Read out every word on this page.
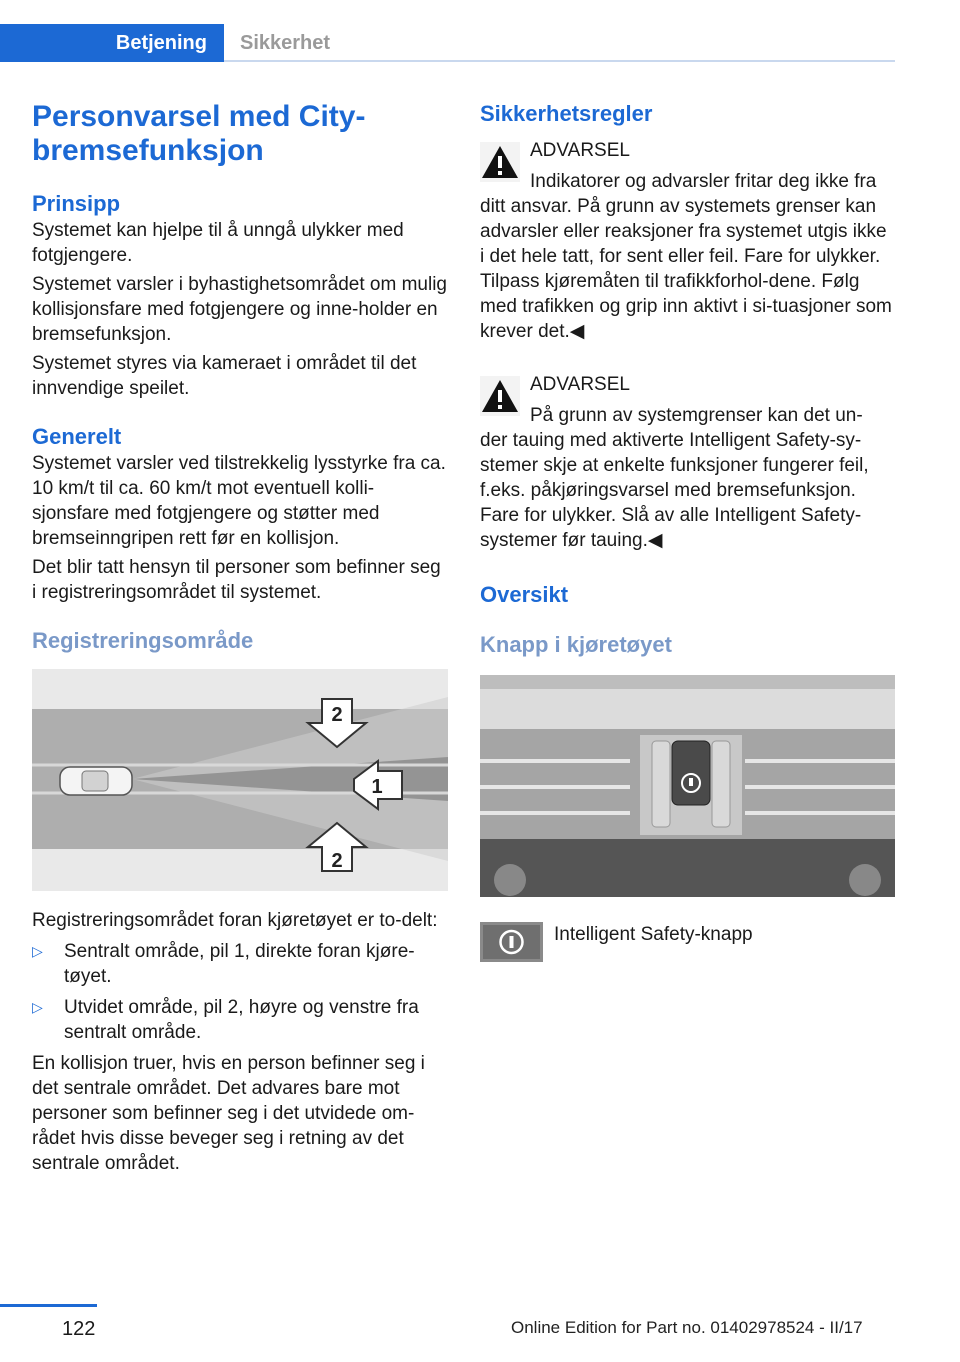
Betjening Sikkerhet
Personvarsel med City-
bremsefunksjon
Prinsipp

Systemet kan hjelpe til å unngå ulykker med fotgjengere.

Systemet varsler i byhastighetsområdet om mulig kollisjonsfare med fotgjengere og inne‐holder en bremsefunksjon.

Systemet styres via kameraet i området til det innvendige speilet.

Generelt

Systemet varsler ved tilstrekkelig lysstyrke fra ca. 10 km/t til ca. 60 km/t mot eventuell kolli‐sjonsfare med fotgjengere og støtter med bremseinngripen rett før en kollisjon.

Det blir tatt hensyn til personer som befinner seg i registreringsområdet til systemet.

Registreringsområde
2
1
2

Registreringsområdet foran kjøretøyet er to‐delt:

▷ Sentralt område, pil 1, direkte foran kjøre‐tøyet.
▷ Utvidet område, pil 2, høyre og venstre fra sentralt område.

En kollisjon truer, hvis en person befinner seg i det sentrale området. Det advares bare mot personer som befinner seg i det utvidede om‐rådet hvis disse beveger seg i retning av det sentrale området.

Sikkerhetsregler

ADVARSEL

Indikatorer og advarsler fritar deg ikke fra

ditt ansvar. På grunn av systemets grenser kan advarsler eller reaksjoner fra systemet utgis ikke i det hele tatt, for sent eller feil. Fare for ulykker. Tilpass kjøremåten til trafikkforhol‐dene. Følg med trafikken og grip inn aktivt i si‐tuasjoner som krever det.◀

ADVARSEL

På grunn av systemgrenser kan det un‐

der tauing med aktiverte Intelligent Safety-sy‐stemer skje at enkelte funksjoner fungerer feil, f.eks. påkjøringsvarsel med bremsefunksjon. Fare for ulykker. Slå av alle Intelligent Safety-systemer før tauing.◀

Oversikt
Knapp i kjøretøyet

Intelligent Safety-knapp

122	Online Edition for Part no. 01402978524 - II/17
